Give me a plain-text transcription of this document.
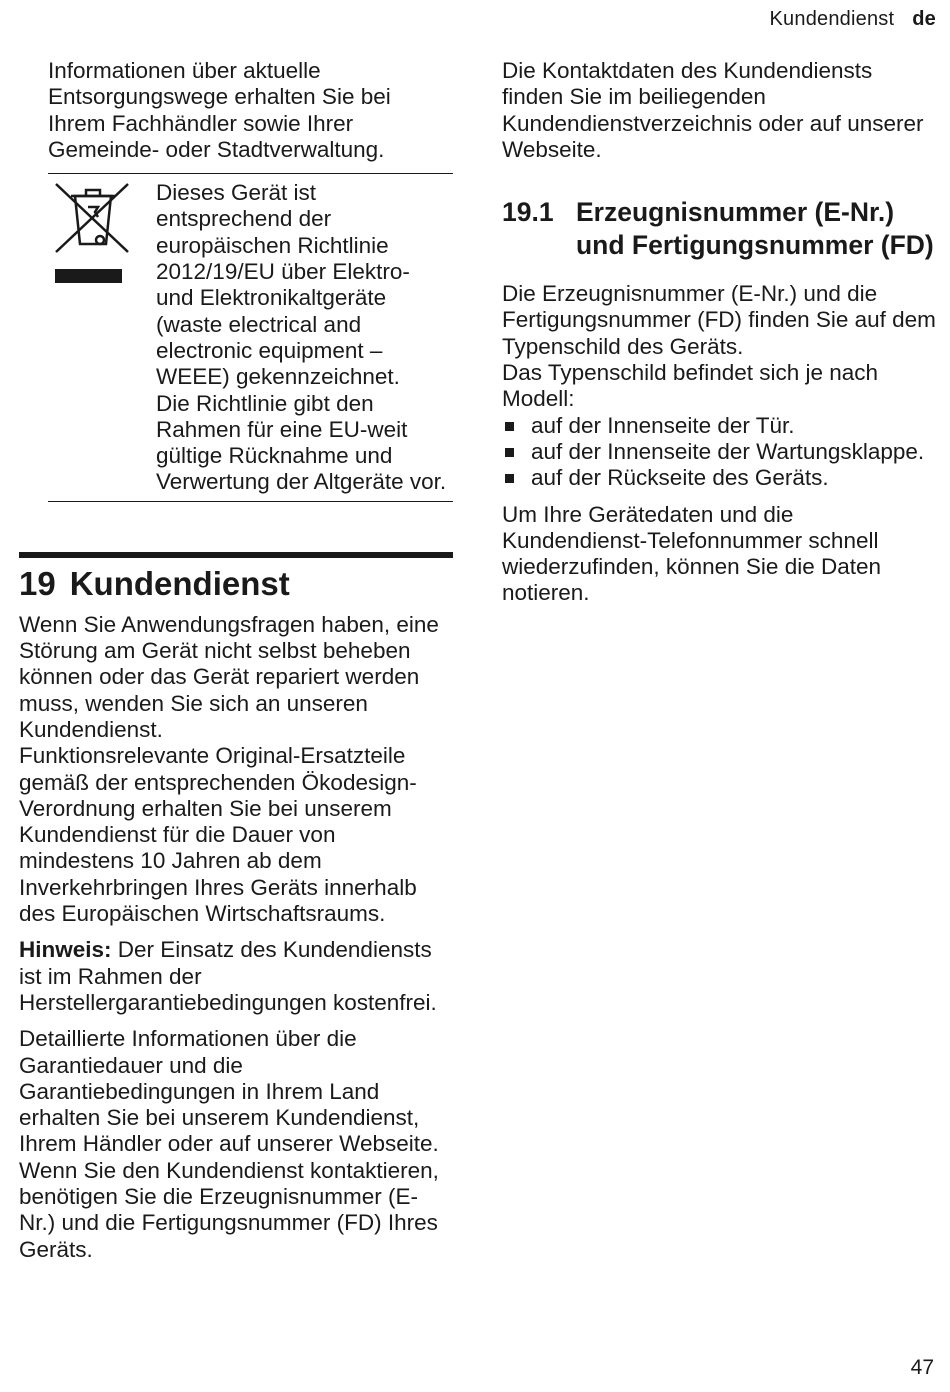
Kundendienst de

Informationen über aktuelle Entsorgungswege erhalten Sie bei Ihrem Fachhändler sowie Ihrer Gemeinde- oder Stadtverwaltung.

Dieses Gerät ist entsprechend der europäischen Richtlinie 2012/19/EU über Elektro- und Elektronikaltgeräte (waste electrical and electronic equipment – WEEE) gekennzeichnet.

Die Richtlinie gibt den Rahmen für eine EU-weit gültige Rücknahme und Verwertung der Altgeräte vor.

19 Kundendienst

Wenn Sie Anwendungsfragen haben, eine Störung am Gerät nicht selbst beheben können oder das Gerät repariert werden muss, wenden Sie sich an unseren Kundendienst.

Funktionsrelevante Original-Ersatzteile gemäß der entsprechenden Ökodesign-Verordnung erhalten Sie bei unserem Kundendienst für die Dauer von mindestens 10 Jahren ab dem Inverkehrbringen Ihres Geräts innerhalb des Europäischen Wirtschaftsraums.

Hinweis: Der Einsatz des Kundendiensts ist im Rahmen der Herstellergarantiebedingungen kostenfrei.

Detaillierte Informationen über die Garantiedauer und die Garantiebedingungen in Ihrem Land erhalten Sie bei unserem Kundendienst, Ihrem Händler oder auf unserer Webseite.

Wenn Sie den Kundendienst kontaktieren, benötigen Sie die Erzeugnisnummer (E-Nr.) und die Fertigungsnummer (FD) Ihres Geräts.

Die Kontaktdaten des Kundendiensts finden Sie im beiliegenden Kundendienstverzeichnis oder auf unserer Webseite.

19.1 Erzeugnisnummer (E-Nr.) und Fertigungsnummer (FD)

Die Erzeugnisnummer (E-Nr.) und die Fertigungsnummer (FD) finden Sie auf dem Typenschild des Geräts.

Das Typenschild befindet sich je nach Modell:

auf der Innenseite der Tür.
auf der Innenseite der Wartungsklappe.
auf der Rückseite des Geräts.

Um Ihre Gerätedaten und die Kundendienst-Telefonnummer schnell wiederzufinden, können Sie die Daten notieren.

47
